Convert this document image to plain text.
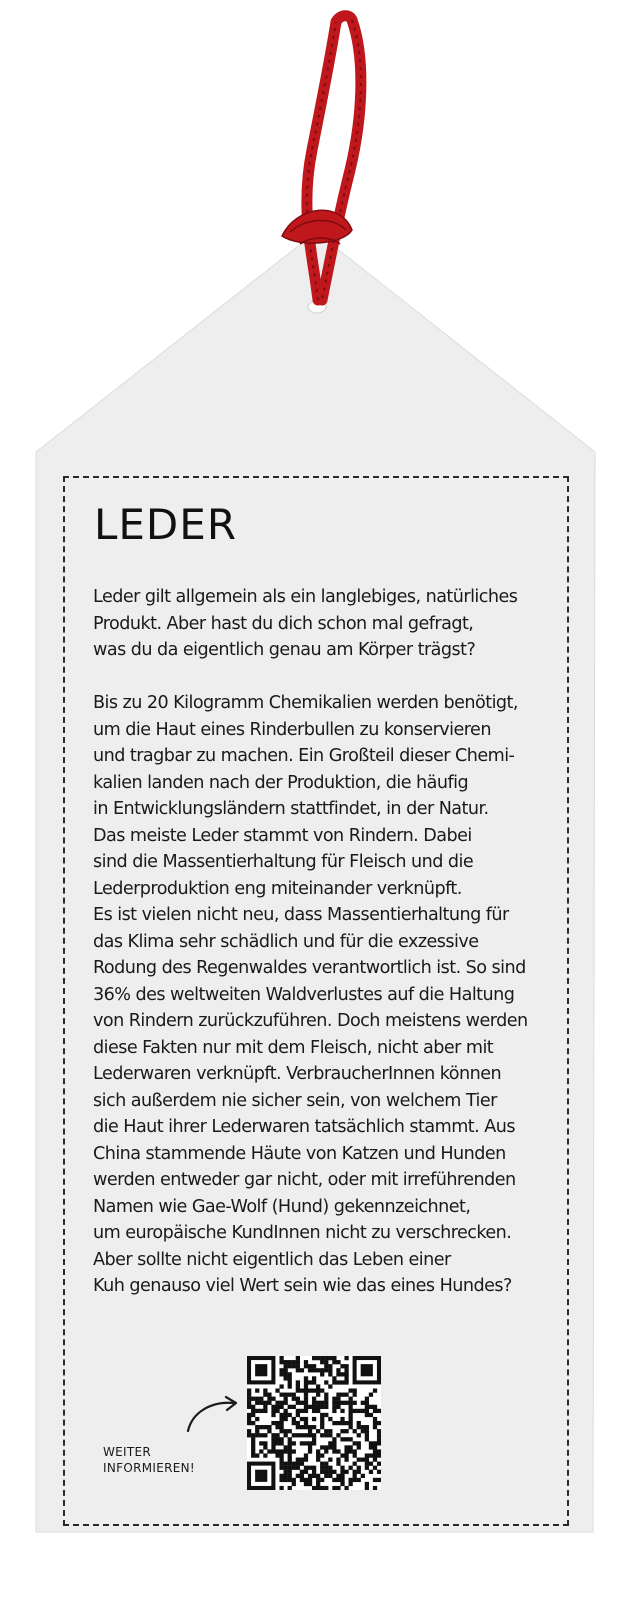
LEDER
Leder gilt allgemein als ein langlebiges, natürliches
Produkt. Aber hast du dich schon mal gefragt,
was du da eigentlich genau am Körper trägst?
Bis zu 20 Kilogramm Chemikalien werden benötigt,
um die Haut eines Rinderbullen zu konservieren
und tragbar zu machen. Ein Großteil dieser Chemi-
kalien landen nach der Produktion, die häufig
in Entwicklungsländern stattfindet, in der Natur.
Das meiste Leder stammt von Rindern. Dabei
sind die Massentierhaltung für Fleisch und die
Lederproduktion eng miteinander verknüpft.
Es ist vielen nicht neu, dass Massentierhaltung für
das Klima sehr schädlich und für die exzessive
Rodung des Regenwaldes verantwortlich ist. So sind
36% des weltweiten Waldverlustes auf die Haltung
von Rindern zurückzuführen. Doch meistens werden
diese Fakten nur mit dem Fleisch, nicht aber mit
Lederwaren verknüpft. VerbraucherInnen können
sich außerdem nie sicher sein, von welchem Tier
die Haut ihrer Lederwaren tatsächlich stammt. Aus
China stammende Häute von Katzen und Hunden
werden entweder gar nicht, oder mit irreführenden
Namen wie Gae-Wolf (Hund) gekennzeichnet,
um europäische KundInnen nicht zu verschrecken.
Aber sollte nicht eigentlich das Leben einer
Kuh genauso viel Wert sein wie das eines Hundes?
WEITER
INFORMIEREN!
